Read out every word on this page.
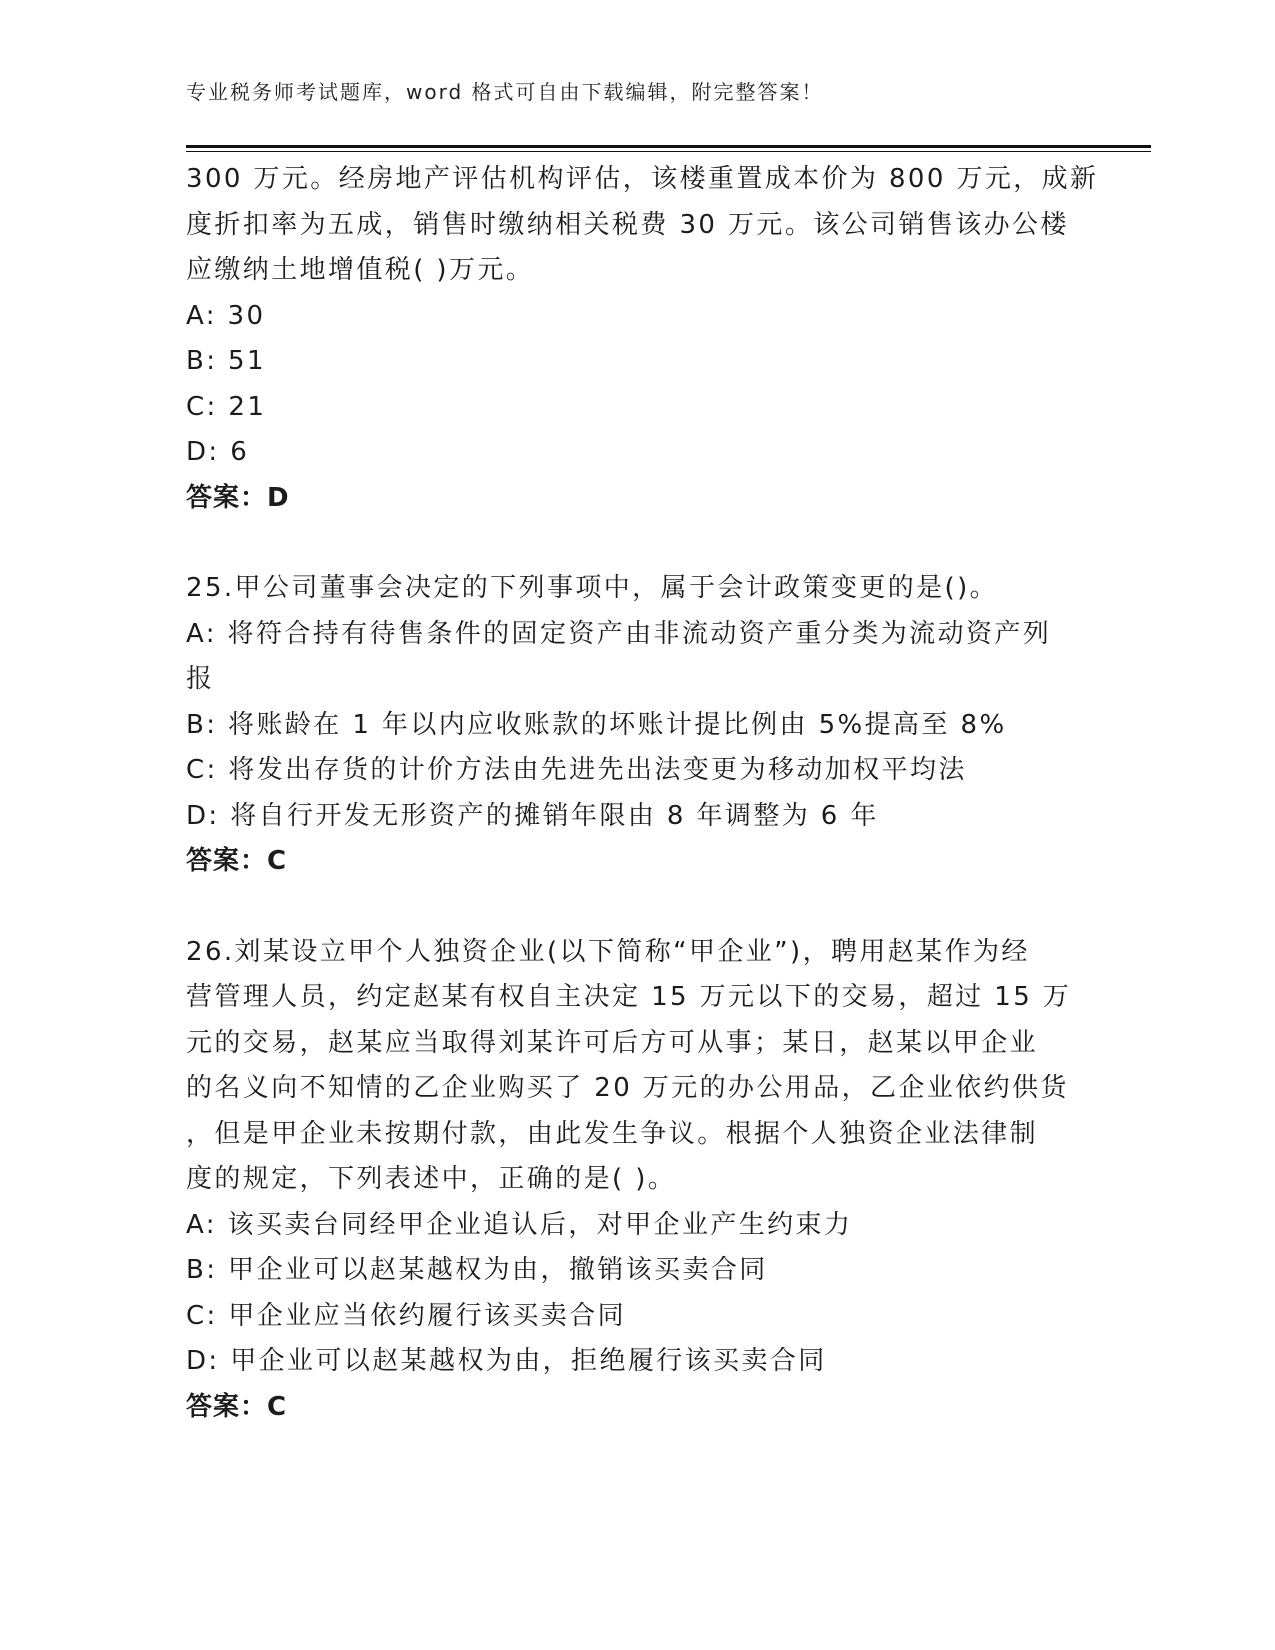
专业税务师考试题库，word 格式可自由下载编辑，附完整答案！
300 万元。经房地产评估机构评估，该楼重置成本价为 800 万元，成新
度折扣率为五成，销售时缴纳相关税费 30 万元。该公司销售该办公楼
应缴纳土地增值税( )万元。
A: 30
B: 51
C: 21
D: 6
答案：D
25.甲公司董事会决定的下列事项中，属于会计政策变更的是()。
A: 将符合持有待售条件的固定资产由非流动资产重分类为流动资产列
报
B: 将账龄在 1 年以内应收账款的坏账计提比例由 5%提高至 8%
C: 将发出存货的计价方法由先进先出法变更为移动加权平均法
D: 将自行开发无形资产的摊销年限由 8 年调整为 6 年
答案：C
26.刘某设立甲个人独资企业(以下简称“甲企业”)，聘用赵某作为经
营管理人员，约定赵某有权自主决定 15 万元以下的交易，超过 15 万
元的交易，赵某应当取得刘某许可后方可从事；某日，赵某以甲企业
的名义向不知情的乙企业购买了 20 万元的办公用品，乙企业依约供货
，但是甲企业未按期付款，由此发生争议。根据个人独资企业法律制
度的规定，下列表述中，正确的是( )。
A: 该买卖台同经甲企业追认后，对甲企业产生约束力
B: 甲企业可以赵某越权为由，撤销该买卖合同
C: 甲企业应当依约履行该买卖合同
D: 甲企业可以赵某越权为由，拒绝履行该买卖合同
答案：C
